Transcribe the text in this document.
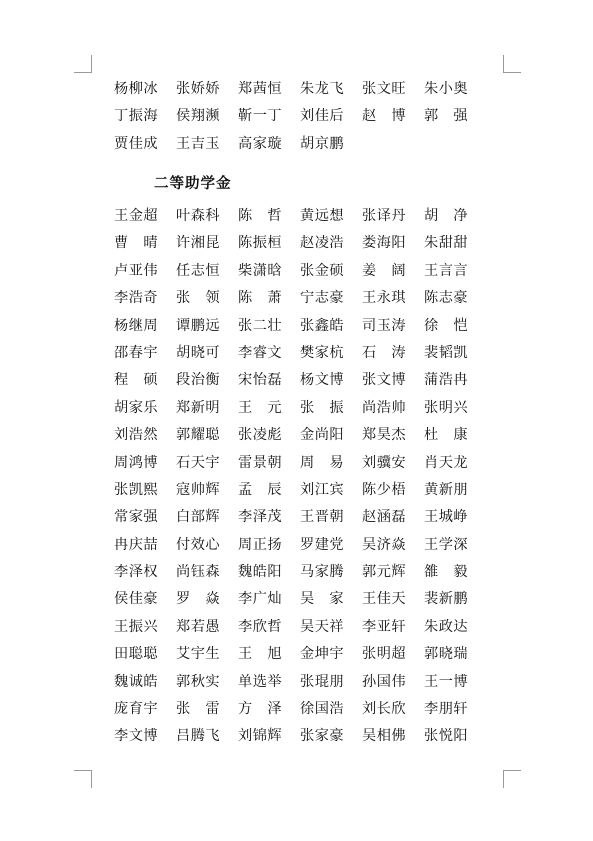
杨柳冰	张娇娇	郑茜恒	朱龙飞	张文旺	朱小奥
丁振海	侯翔濒	靳一丁	刘佳后	赵　博	郭　强
贾佳成	王吉玉	高家璇	胡京鹏
二等助学金
王金超	叶森科	陈　哲	黄远想	张译丹	胡　净
曹　晴	许湘昆	陈振桓	赵凌浩	娄海阳	朱甜甜
卢亚伟	任志恒	柴潇晗	张金硕	姜　阔	王言言
李浩奇	张　领	陈　萧	宁志豪	王永琪	陈志豪
杨继周	谭鹏远	张二壮	张鑫皓	司玉涛	徐　恺
邵春宇	胡晓可	李睿文	樊家杭	石　涛	裴韬凯
程　硕	段治衡	宋怡磊	杨文博	张文博	蒲浩冉
胡家乐	郑新明	王　元	张　振	尚浩帅	张明兴
刘浩然	郭耀聪	张凌彪	金尚阳	郑昊杰	杜　康
周鸿博	石天宇	雷景朝	周　易	刘骥安	肖天龙
张凯熙	寇帅辉	孟　辰	刘江宾	陈少梧	黄新朋
常家强	白部辉	李泽茂	王晋朝	赵涵磊	王城峥
冉庆喆	付效心	周正扬	罗建党	吴济焱	王学深
李泽权	尚钰森	魏皓阳	马家腾	郭元辉	雒　毅
侯佳豪	罗　焱	李广灿	吴　家	王佳天	裴新鹏
王振兴	郑若愚	李欣哲	吴天祥	李亚轩	朱政达
田聪聪	艾宇生	王　旭	金坤宇	张明超	郭晓瑞
魏诚皓	郭秋实	单选举	张琨朋	孙国伟	王一博
庞育宇	张　雷	方　泽	徐国浩	刘长欣	李朋轩
李文博	吕腾飞	刘锦辉	张家豪	吴相佛	张悦阳
